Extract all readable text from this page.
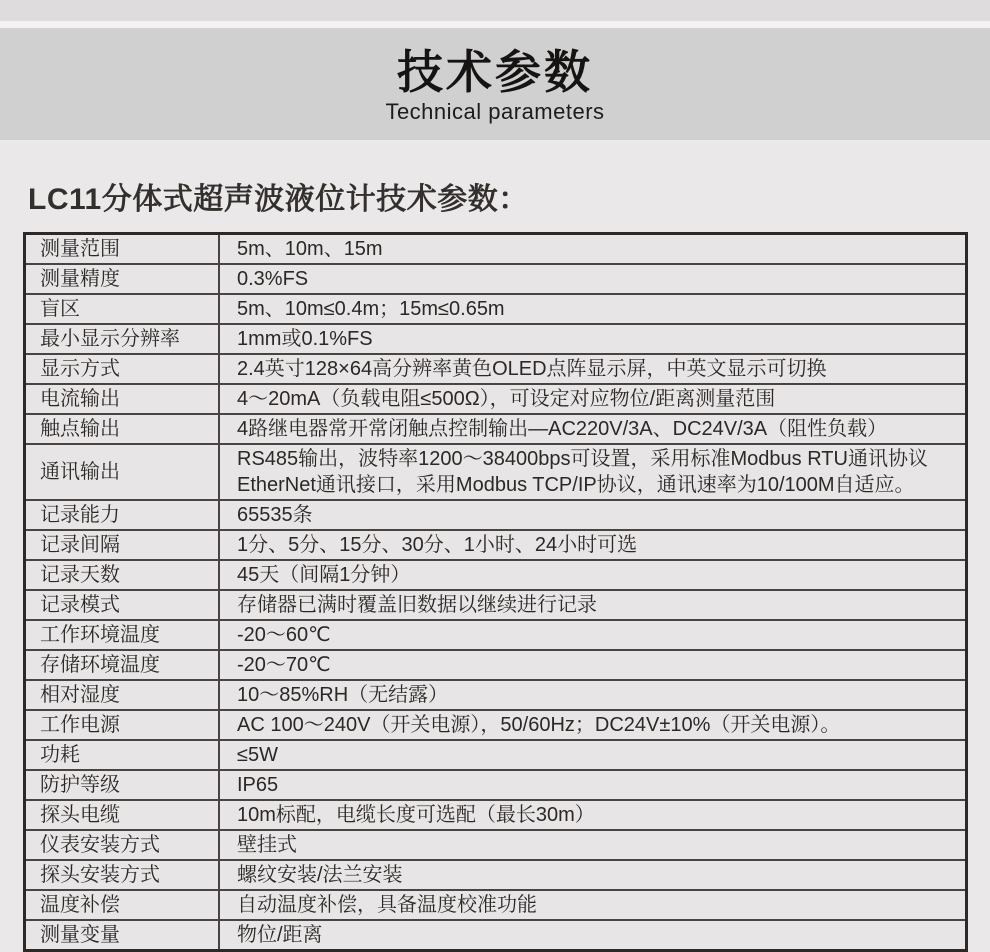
技术参数
Technical parameters
LC11分体式超声波液位计技术参数：
测量范围	5m、10m、15m

测量精度	0.3%FS

盲区	5m、10m≤0.4m；15m≤0.65m

最小显示分辨率	1mm或0.1%FS

显示方式	2.4英寸128×64高分辨率黄色OLED点阵显示屏，中英文显示可切换

电流输出	4～20mA（负载电阻≤500Ω），可设定对应物位/距离测量范围

触点输出	4路继电器常开常闭触点控制输出—AC220V/3A、DC24V/3A（阻性负载）

通讯输出	RS485输出，波特率1200～38400bps可设置，采用标准Modbus RTU通讯协议
EtherNet通讯接口，采用Modbus TCP/IP协议，通讯速率为10/100M自适应。

记录能力	65535条

记录间隔	1分、5分、15分、30分、1小时、24小时可选

记录天数	45天（间隔1分钟）

记录模式	存储器已满时覆盖旧数据以继续进行记录

工作环境温度	-20～60℃

存储环境温度	-20～70℃

相对湿度	10～85%RH（无结露）

工作电源	AC 100～240V（开关电源），50/60Hz；DC24V±10%（开关电源）。

功耗	≤5W

防护等级	IP65

探头电缆	10m标配，电缆长度可选配（最长30m）

仪表安装方式	壁挂式

探头安装方式	螺纹安装/法兰安装

温度补偿	自动温度补偿，具备温度校准功能

测量变量	物位/距离
